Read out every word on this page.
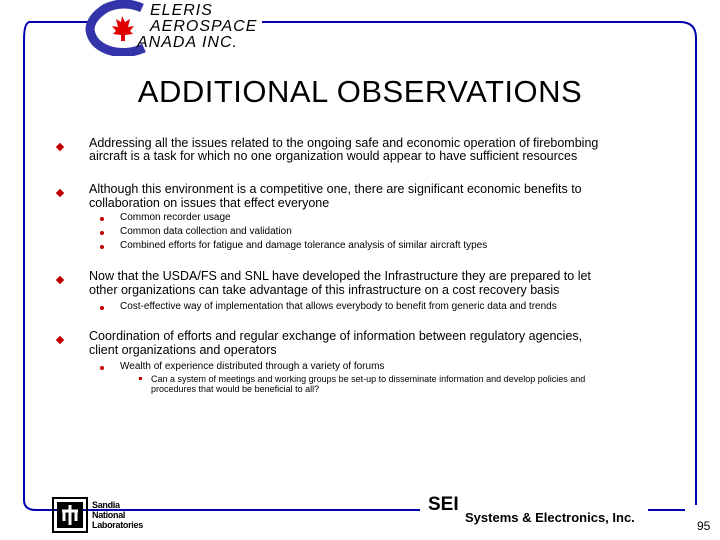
ELERIS
AEROSPACE
ANADA INC.
ADDITIONAL OBSERVATIONS
Addressing all the issues related to the ongoing safe and economic operation of firebombing
aircraft is a task for which no one organization would appear to have sufficient resources
Although this environment is a competitive one, there are significant economic benefits to
collaboration on issues that effect everyone
Common recorder usage
Common data collection and validation
Combined efforts for fatigue and damage tolerance analysis of similar aircraft types
Now that the USDA/FS and SNL have developed the Infrastructure they are prepared to let
other organizations can take advantage of this infrastructure on a cost recovery basis
Cost-effective way of implementation that allows everybody to benefit from generic data and trends
Coordination of efforts and regular exchange of information between regulatory agencies,
client organizations and operators
Wealth of experience distributed through a variety of forums
Can a system of meetings and working groups be set-up to disseminate information and develop policies and
procedures that would be beneficial to all?
Sandia
National
Laboratories
SEI
Systems & Electronics, Inc.
95
